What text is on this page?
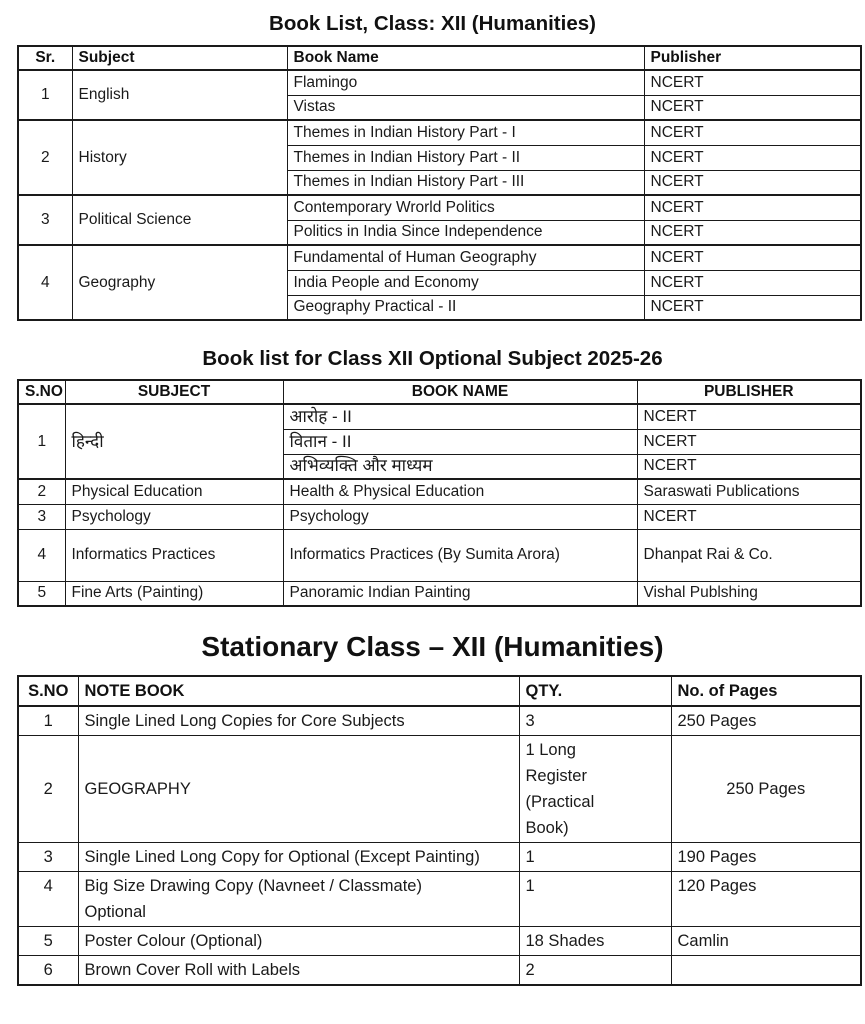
Book List, Class: XII (Humanities)
Sr.	Subject	Book Name	Publisher
1	English	Flamingo	NCERT
		Vistas	NCERT
2	History	Themes in Indian History Part - I	NCERT
		Themes in Indian History Part - II	NCERT
		Themes in Indian History Part - III	NCERT
3	Political Science	Contemporary Wrorld Politics	NCERT
		Politics in India Since Independence	NCERT
4	Geography	Fundamental of Human Geography	NCERT
		India People and Economy	NCERT
		Geography Practical - II	NCERT
Book list for Class XII Optional Subject 2025-26
S.NO	SUBJECT	BOOK NAME	PUBLISHER
1	हिन्दी	आरोह - II	NCERT
		वितान - II	NCERT
		अभिव्यक्ति और माध्यम	NCERT
2	Physical Education	Health & Physical Education	Saraswati Publications
3	Psychology	Psychology	NCERT
4	Informatics Practices	Informatics Practices (By Sumita Arora)	Dhanpat Rai & Co.
5	Fine Arts (Painting)	Panoramic Indian Painting	Vishal Publshing
Stationary Class – XII (Humanities)
S.NO	NOTE BOOK	QTY.	No. of Pages
1	Single Lined Long Copies for Core Subjects	3	250 Pages
2	GEOGRAPHY	1 Long Register (Practical Book)	250 Pages
3	Single Lined Long Copy for Optional (Except Painting)	1	190 Pages
4	Big Size Drawing Copy (Navneet / Classmate) Optional	1	120 Pages
5	Poster Colour (Optional)	18 Shades	Camlin
6	Brown Cover Roll with Labels	2	
